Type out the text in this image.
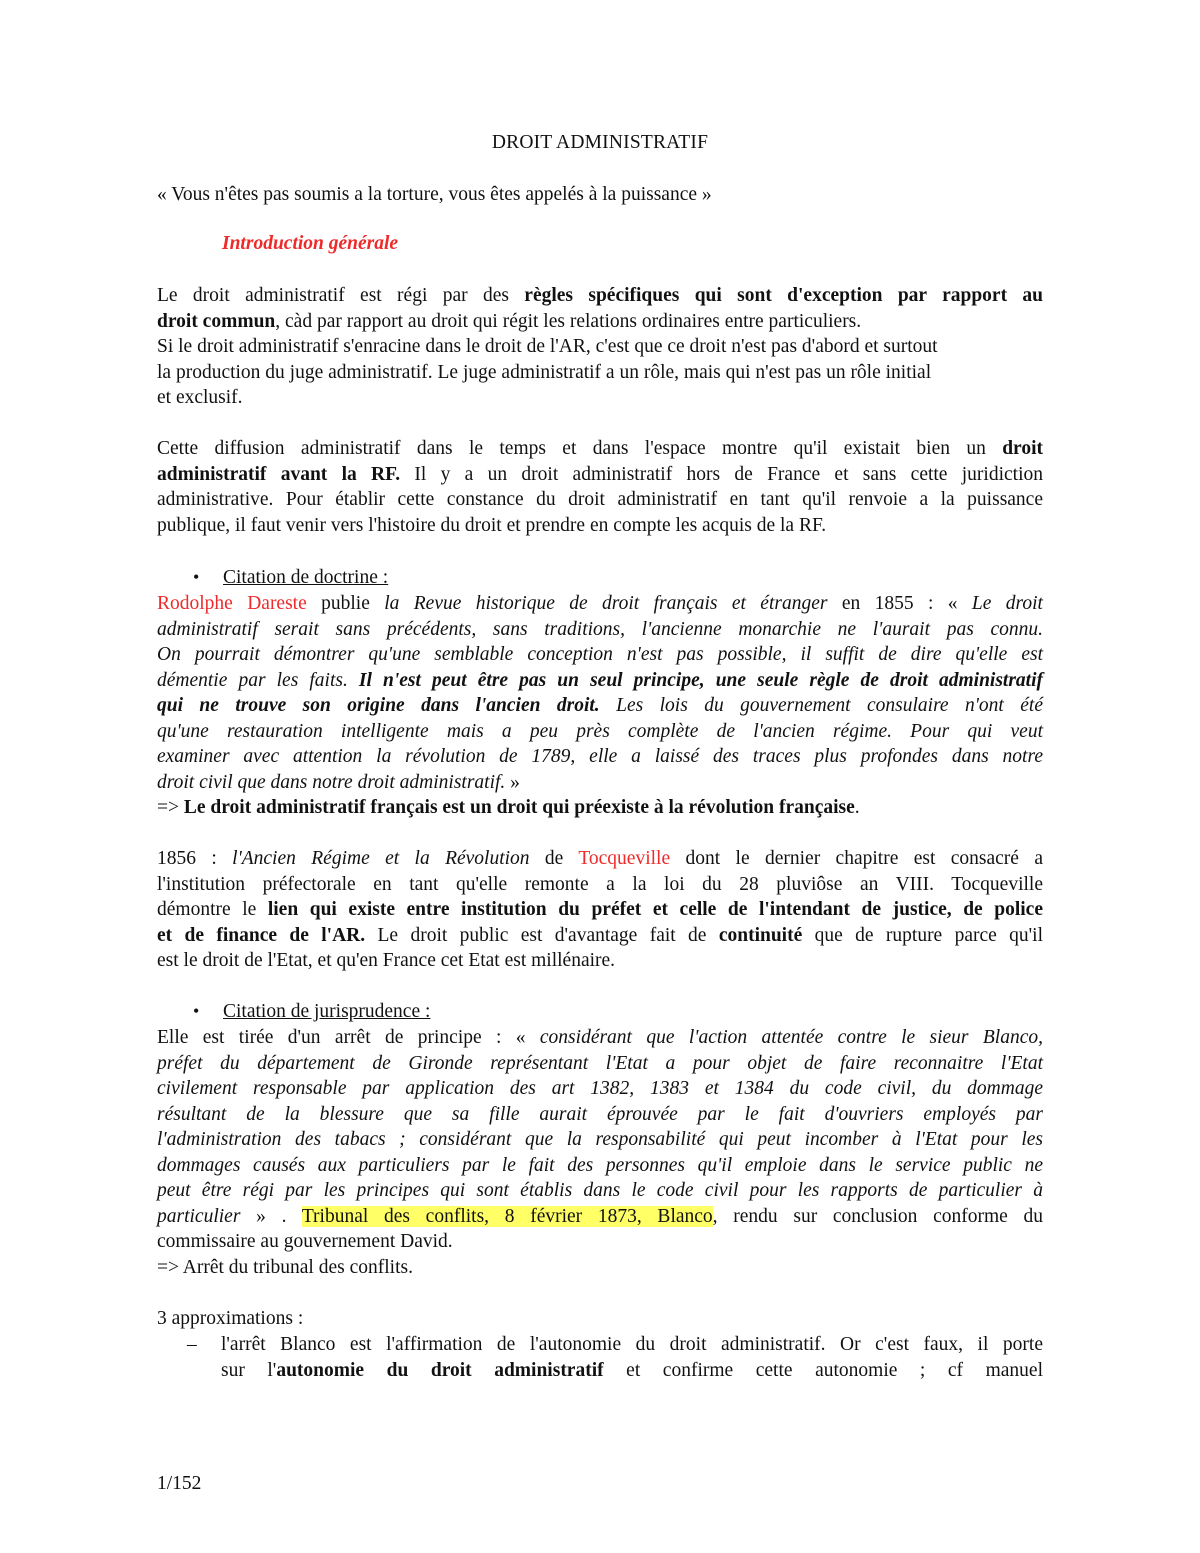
DROIT ADMINISTRATIF
« Vous n'êtes pas soumis a la torture, vous êtes appelés à la puissance »
Introduction générale
Le droit administratif est régi par des règles spécifiques qui sont d'exception par rapport au
droit commun, càd par rapport au droit qui régit les relations ordinaires entre particuliers.
Si le droit administratif s'enracine dans le droit de l'AR, c'est que ce droit n'est pas d'abord et surtout
la production du juge administratif. Le juge administratif a un rôle, mais qui n'est pas un rôle initial
et exclusif.
Cette diffusion administratif dans le temps et dans l'espace montre qu'il existait bien un droit
administratif avant la RF. Il y a un droit administratif hors de France et sans cette juridiction
administrative. Pour établir cette constance du droit administratif en tant qu'il renvoie a la puissance
publique, il faut venir vers l'histoire du droit et prendre en compte les acquis de la RF.
• Citation de doctrine :
Rodolphe Dareste publie la Revue historique de droit français et étranger en 1855 : « Le droit
administratif serait sans précédents, sans traditions, l'ancienne monarchie ne l'aurait pas connu.
On pourrait démontrer qu'une semblable conception n'est pas possible, il suffit de dire qu'elle est
démentie par les faits. Il n'est peut être pas un seul principe, une seule règle de droit administratif
qui ne trouve son origine dans l'ancien droit. Les lois du gouvernement consulaire n'ont été
qu'une restauration intelligente mais a peu près complète de l'ancien régime. Pour qui veut
examiner avec attention la révolution de 1789, elle a laissé des traces plus profondes dans notre
droit civil que dans notre droit administratif. »
=> Le droit administratif français est un droit qui préexiste à la révolution française.
1856 : l'Ancien Régime et la Révolution de Tocqueville dont le dernier chapitre est consacré a
l'institution préfectorale en tant qu'elle remonte a la loi du 28 pluviôse an VIII. Tocqueville
démontre le lien qui existe entre institution du préfet et celle de l'intendant de justice, de police
et de finance de l'AR. Le droit public est d'avantage fait de continuité que de rupture parce qu'il
est le droit de l'Etat, et qu'en France cet Etat est millénaire.
• Citation de jurisprudence :
Elle est tirée d'un arrêt de principe : « considérant que l'action attentée contre le sieur Blanco,
préfet du département de Gironde représentant l'Etat a pour objet de faire reconnaitre l'Etat
civilement responsable par application des art 1382, 1383 et 1384 du code civil, du dommage
résultant de la blessure que sa fille aurait éprouvée par le fait d'ouvriers employés par
l'administration des tabacs ; considérant que la responsabilité qui peut incomber à l'Etat pour les
dommages causés aux particuliers par le fait des personnes qu'il emploie dans le service public ne
peut être régi par les principes qui sont établis dans le code civil pour les rapports de particulier à
particulier » . Tribunal des conflits, 8 février 1873, Blanco, rendu sur conclusion conforme du
commissaire au gouvernement David.
=> Arrêt du tribunal des conflits.
3 approximations :
– l'arrêt Blanco est l'affirmation de l'autonomie du droit administratif. Or c'est faux, il porte
sur l'autonomie du droit administratif et confirme cette autonomie ; cf manuel
1/152
